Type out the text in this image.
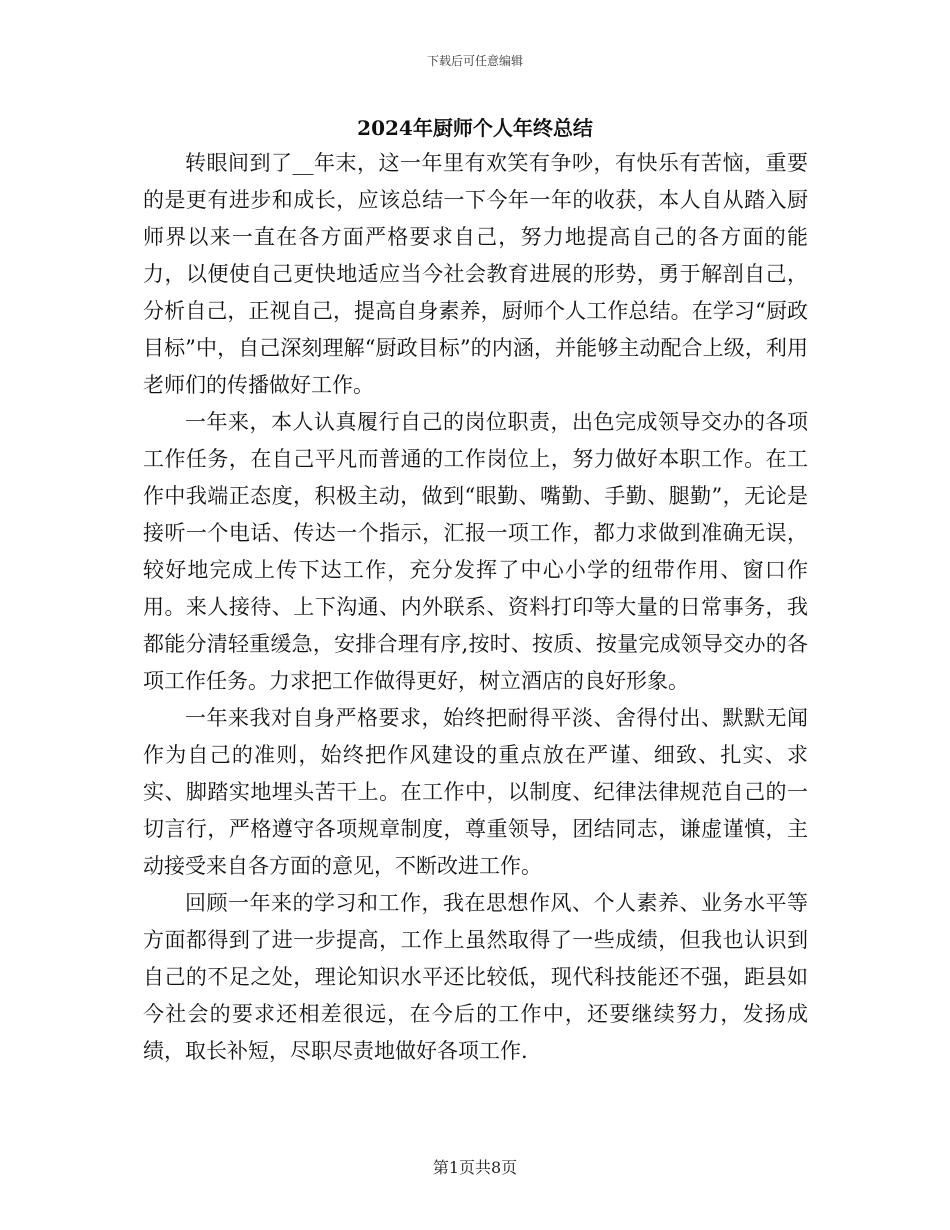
下载后可任意编辑
2024年厨师个人年终总结

转眼间到了__年末，这一年里有欢笑有争吵，有快乐有苦恼，重要的是更有进步和成长，应该总结一下今年一年的收获，本人自从踏入厨师界以来一直在各方面严格要求自己，努力地提高自己的各方面的能力，以便使自己更快地适应当今社会教育进展的形势，勇于解剖自己，分析自己，正视自己，提高自身素养，厨师个人工作总结。在学习“厨政目标”中，自己深刻理解“厨政目标”的内涵，并能够主动配合上级，利用老师们的传播做好工作。

一年来，本人认真履行自己的岗位职责，出色完成领导交办的各项工作任务，在自己平凡而普通的工作岗位上，努力做好本职工作。在工作中我端正态度，积极主动，做到“眼勤、嘴勤、手勤、腿勤”，无论是接听一个电话、传达一个指示，汇报一项工作，都力求做到准确无误，较好地完成上传下达工作，充分发挥了中心小学的纽带作用、窗口作用。来人接待、上下沟通、内外联系、资料打印等大量的日常事务，我都能分清轻重缓急，安排合理有序,按时、按质、按量完成领导交办的各项工作任务。力求把工作做得更好，树立酒店的良好形象。

一年来我对自身严格要求，始终把耐得平淡、舍得付出、默默无闻作为自己的准则，始终把作风建设的重点放在严谨、细致、扎实、求实、脚踏实地埋头苦干上。在工作中，以制度、纪律法律规范自己的一切言行，严格遵守各项规章制度，尊重领导，团结同志，谦虚谨慎，主动接受来自各方面的意见，不断改进工作。

回顾一年来的学习和工作，我在思想作风、个人素养、业务水平等方面都得到了进一步提高，工作上虽然取得了一些成绩，但我也认识到自己的不足之处，理论知识水平还比较低，现代科技能还不强，距县如今社会的要求还相差很远，在今后的工作中，还要继续努力，发扬成绩，取长补短，尽职尽责地做好各项工作.

第1页共8页
